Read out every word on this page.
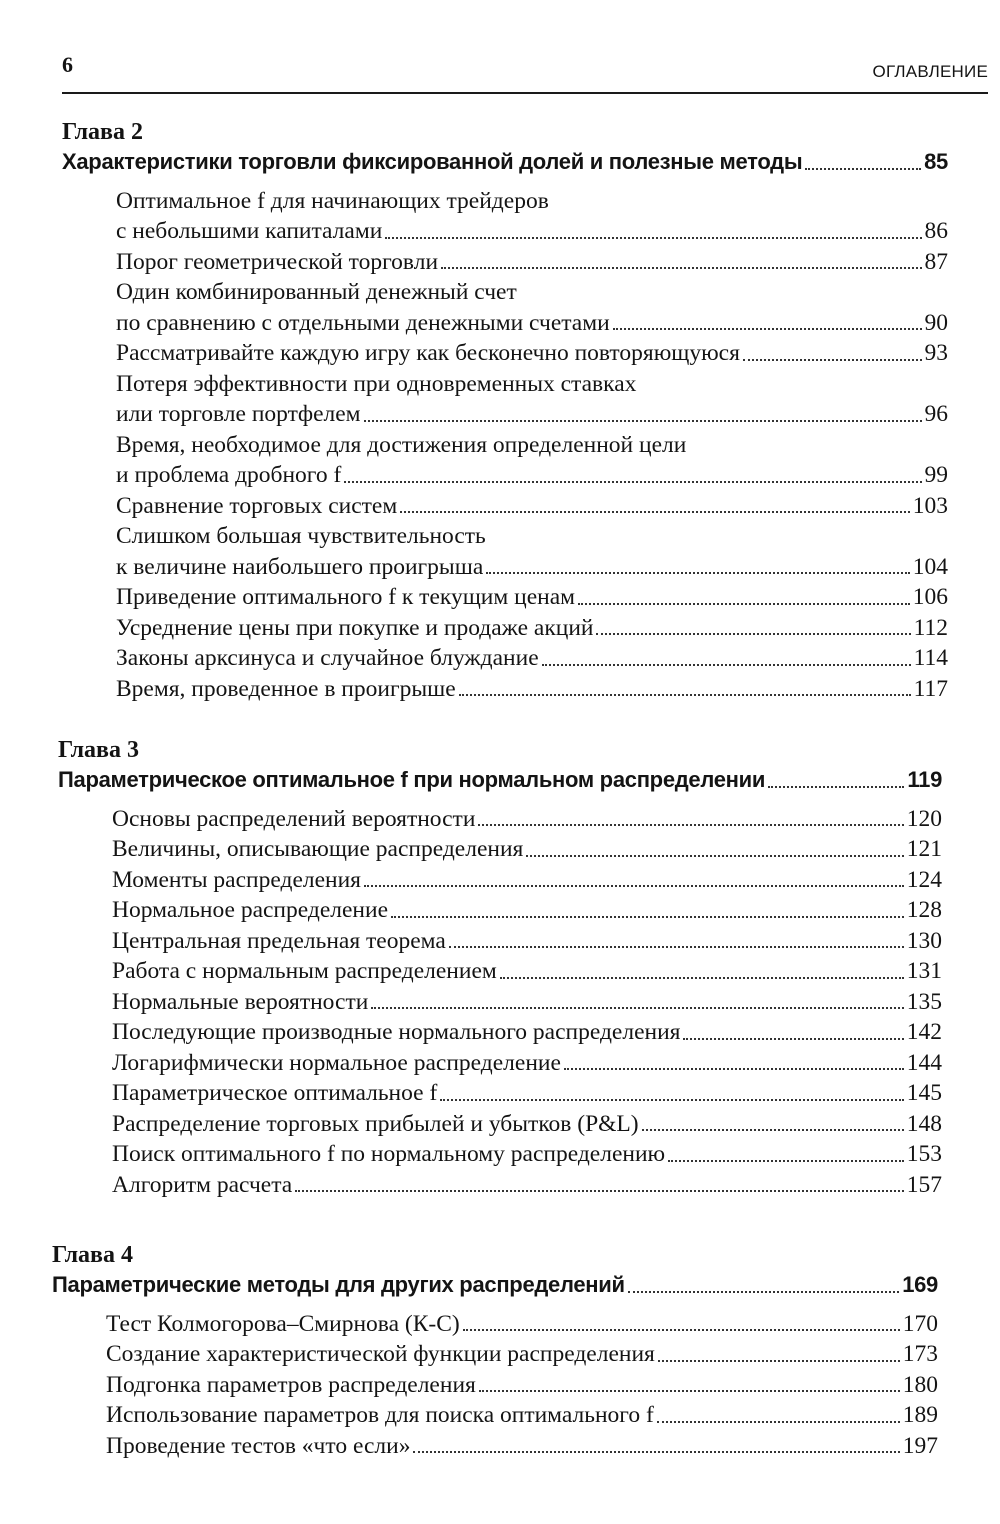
6	ОГЛАВЛЕНИЕ
Глава 2
Характеристики торговли фиксированной долей и полезные методы	85
Оптимальное f для начинающих трейдеров
с небольшими капиталами	86
Порог геометрической торговли	87
Один комбинированный денежный счет
по сравнению с отдельными денежными счетами	90
Рассматривайте каждую игру как бесконечно повторяющуюся	93
Потеря эффективности при одновременных ставках
или торговле портфелем	96
Время, необходимое для достижения определенной цели
и проблема дробного f	99
Сравнение торговых систем	103
Слишком большая чувствительность
к величине наибольшего проигрыша	104
Приведение оптимального f к текущим ценам	106
Усреднение цены при покупке и продаже акций	112
Законы арксинуса и случайное блуждание	114
Время, проведенное в проигрыше	117
Глава 3
Параметрическое оптимальное f при нормальном распределении	119
Основы распределений вероятности	120
Величины, описывающие распределения	121
Моменты распределения	124
Нормальное распределение	128
Центральная предельная теорема	130
Работа с нормальным распределением	131
Нормальные вероятности	135
Последующие производные нормального распределения	142
Логарифмически нормальное распределение	144
Параметрическое оптимальное f	145
Распределение торговых прибылей и убытков (P&L)	148
Поиск оптимального f по нормальному распределению	153
Алгоритм расчета	157
Глава 4
Параметрические методы для других распределений	169
Тест Колмогорова–Смирнова (К-С)	170
Создание характеристической функции распределения	173
Подгонка параметров распределения	180
Использование параметров для поиска оптимального f	189
Проведение тестов «что если»	197
